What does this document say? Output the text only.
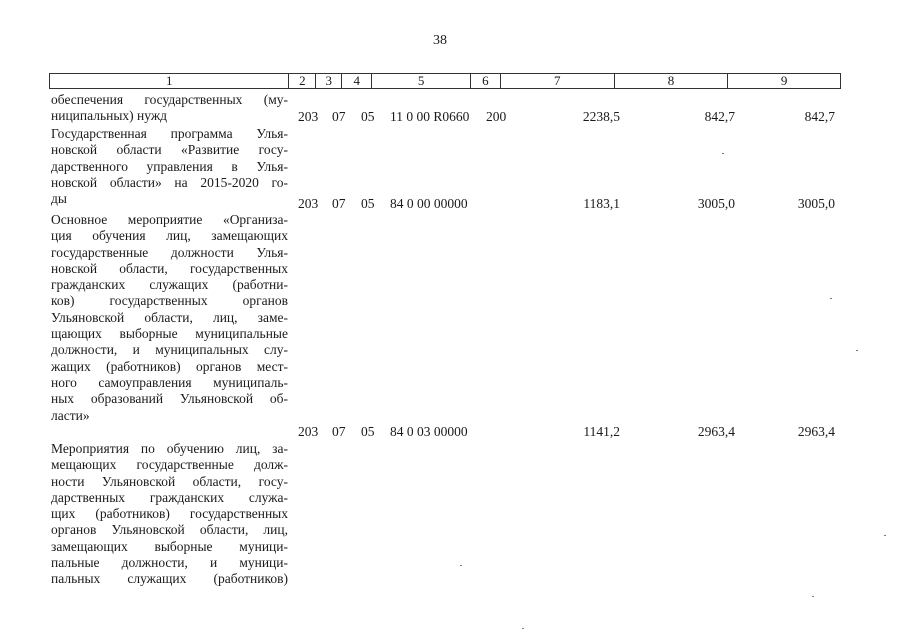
38
1	2	3	4	5	6	7	8	9
обеспечения государственных (му-
ниципальных) нужд	203 07 05 11 0 00 R0660 200	2238,5	842,7	842,7
Государственная программа Улья-
новской области «Развитие госу-
дарственного управления в Улья-
новской области» на 2015-2020 го-
ды	203 07 05 84 0 00 00000	1183,1	3005,0	3005,0
Основное мероприятие «Организа-
ция обучения лиц, замещающих
государственные должности Улья-
новской области, государственных
гражданских служащих (работни-
ков) государственных органов
Ульяновской области, лиц, заме-
щающих выборные муниципальные
должности, и муниципальных слу-
жащих (работников) органов мест-
ного самоуправления муниципаль-
ных образований Ульяновской об-
ласти»
203 07 05 84 0 03 00000	1141,2	2963,4	2963,4
Мероприятия по обучению лиц, за-
мещающих государственные долж-
ности Ульяновской области, госу-
дарственных гражданских служа-
щих (работников) государственных
органов Ульяновской области, лиц,
замещающих выборные муници-
пальные должности, и муници-
пальных служащих (работников)
